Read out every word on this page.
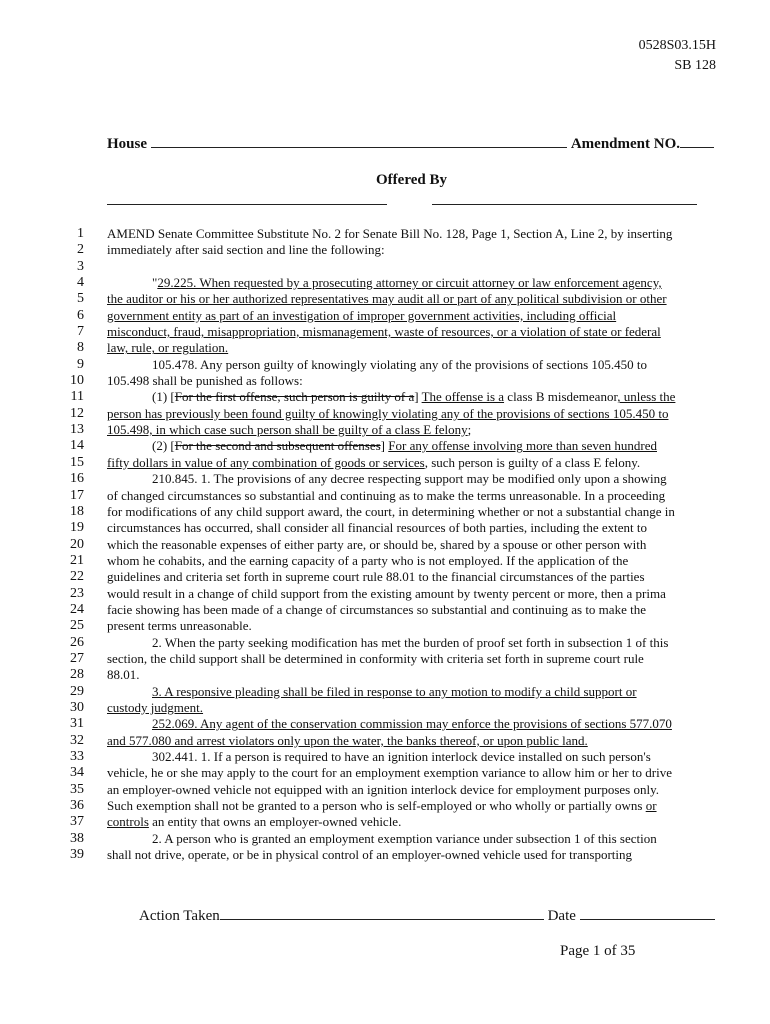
0528S03.15H
SB 128
House	Amendment NO.
Offered By
1 AMEND Senate Committee Substitute No. 2 for Senate Bill No. 128, Page 1, Section A, Line 2, by inserting
2 immediately after said section and line the following:
3
4	"29.225. When requested by a prosecuting attorney or circuit attorney or law enforcement agency,
5 the auditor or his or her authorized representatives may audit all or part of any political subdivision or other
6 government entity as part of an investigation of improper government activities, including official
7 misconduct, fraud, misappropriation, mismanagement, waste of resources, or a violation of state or federal
8 law, rule, or regulation.
9	105.478. Any person guilty of knowingly violating any of the provisions of sections 105.450 to
10 105.498 shall be punished as follows:
11	(1) [For the first offense, such person is guilty of a] The offense is a class B misdemeanor, unless the
12 person has previously been found guilty of knowingly violating any of the provisions of sections 105.450 to
13 105.498, in which case such person shall be guilty of a class E felony;
14	(2) [For the second and subsequent offenses] For any offense involving more than seven hundred
15 fifty dollars in value of any combination of goods or services, such person is guilty of a class E felony.
16	210.845. 1. The provisions of any decree respecting support may be modified only upon a showing
17 of changed circumstances so substantial and continuing as to make the terms unreasonable. In a proceeding
18 for modifications of any child support award, the court, in determining whether or not a substantial change in
19 circumstances has occurred, shall consider all financial resources of both parties, including the extent to
20 which the reasonable expenses of either party are, or should be, shared by a spouse or other person with
21 whom he cohabits, and the earning capacity of a party who is not employed. If the application of the
22 guidelines and criteria set forth in supreme court rule 88.01 to the financial circumstances of the parties
23 would result in a change of child support from the existing amount by twenty percent or more, then a prima
24 facie showing has been made of a change of circumstances so substantial and continuing as to make the
25 present terms unreasonable.
26	2. When the party seeking modification has met the burden of proof set forth in subsection 1 of this
27 section, the child support shall be determined in conformity with criteria set forth in supreme court rule
28 88.01.
29	3. A responsive pleading shall be filed in response to any motion to modify a child support or
30 custody judgment.
31	252.069. Any agent of the conservation commission may enforce the provisions of sections 577.070
32 and 577.080 and arrest violators only upon the water, the banks thereof, or upon public land.
33	302.441. 1. If a person is required to have an ignition interlock device installed on such person's
34 vehicle, he or she may apply to the court for an employment exemption variance to allow him or her to drive
35 an employer-owned vehicle not equipped with an ignition interlock device for employment purposes only.
36 Such exemption shall not be granted to a person who is self-employed or who wholly or partially owns or
37 controls an entity that owns an employer-owned vehicle.
38	2. A person who is granted an employment exemption variance under subsection 1 of this section
39 shall not drive, operate, or be in physical control of an employer-owned vehicle used for transporting
Action Taken	Date
Page 1 of 35
